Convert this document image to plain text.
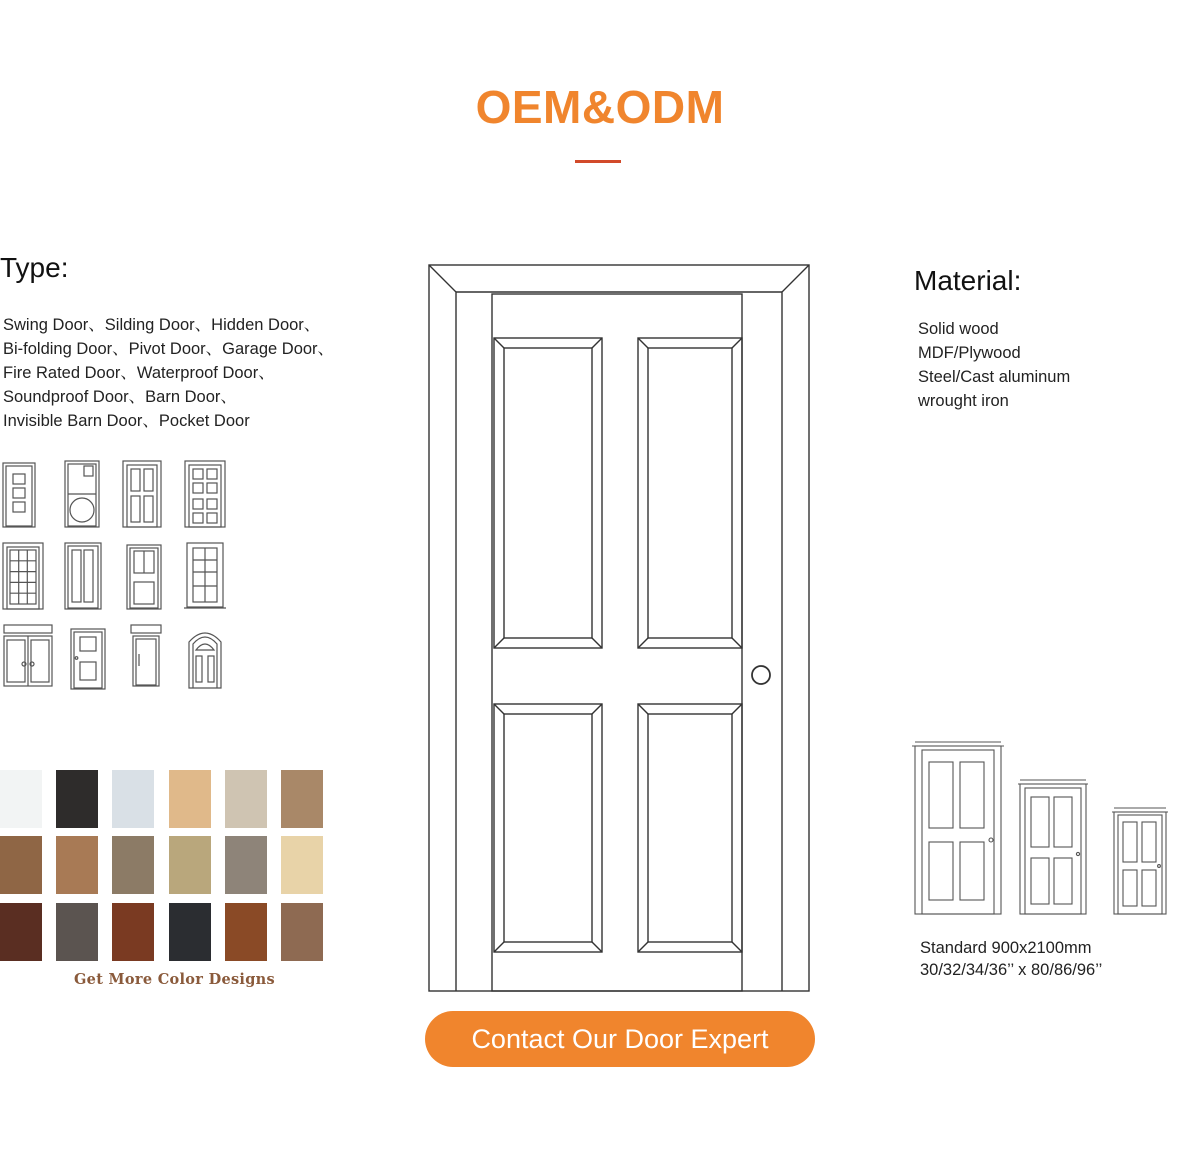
OEM&ODM
Type:
Swing Door、Silding Door、Hidden Door、
Bi-folding Door、Pivot Door、Garage Door、
Fire Rated Door、Waterproof Door、
Soundproof Door、Barn Door、
Invisible Barn Door、Pocket Door
Get More Color Designs
Material:
Solid wood
MDF/Plywood
Steel/Cast aluminum
wrought iron
Standard 900x2100mm
30/32/34/36’’ x 80/86/96’’
Contact Our Door Expert
